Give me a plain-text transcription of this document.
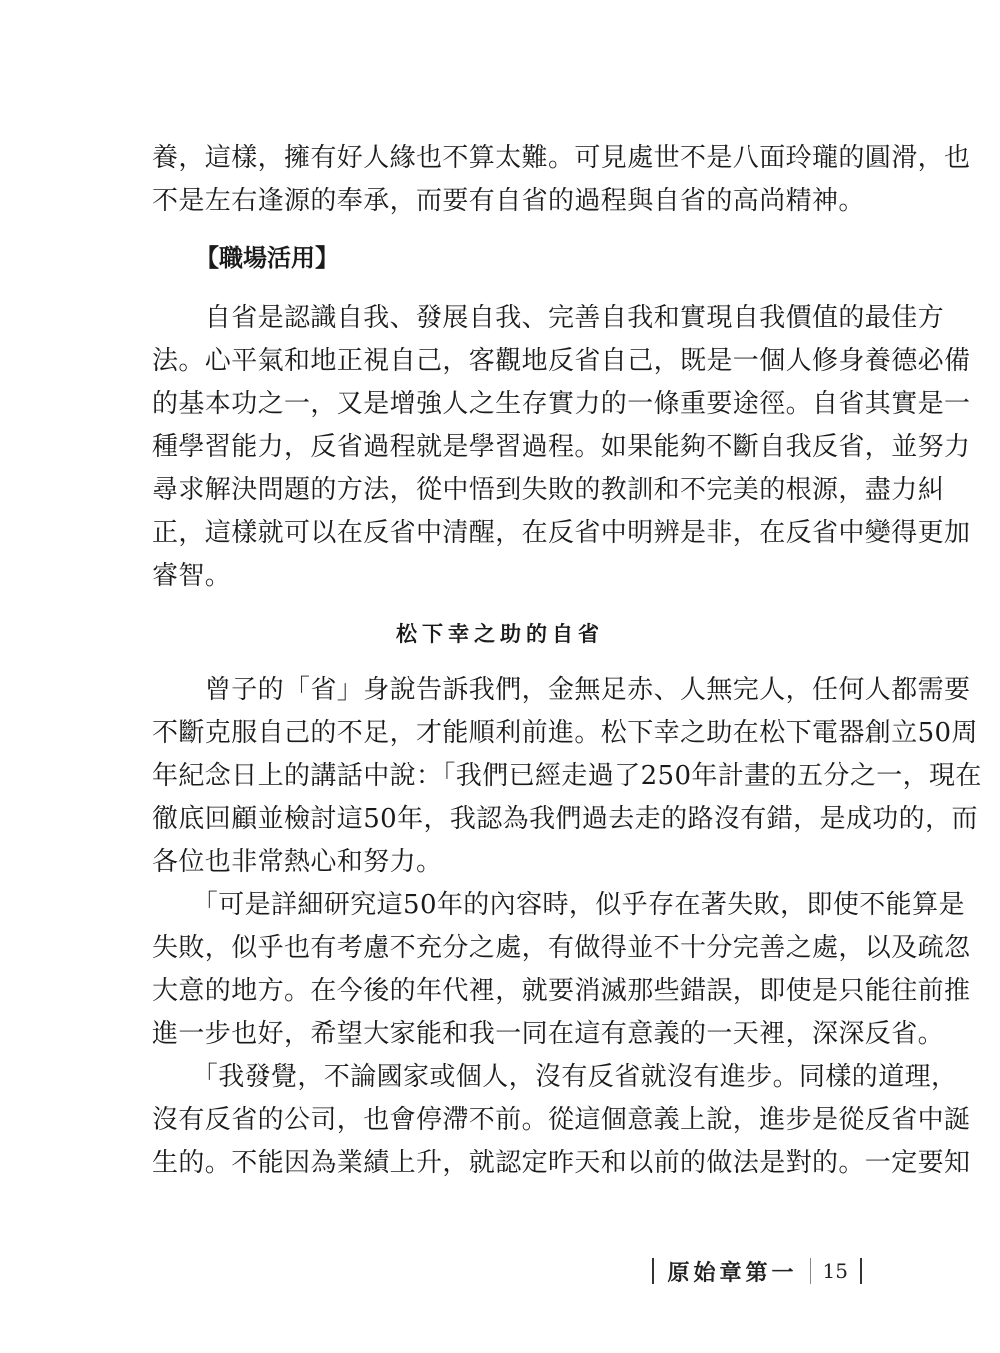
養，這樣，擁有好人緣也不算太難。可見處世不是八面玲瓏的圓滑，也
不是左右逢源的奉承，而要有自省的過程與自省的高尚精神。
【職場活用】
　　自省是認識自我、發展自我、完善自我和實現自我價值的最佳方
法。心平氣和地正視自己，客觀地反省自己，既是一個人修身養德必備
的基本功之一，又是增強人之生存實力的一條重要途徑。自省其實是一
種學習能力，反省過程就是學習過程。如果能夠不斷自我反省，並努力
尋求解決問題的方法，從中悟到失敗的教訓和不完美的根源，盡力糾
正，這樣就可以在反省中清醒，在反省中明辨是非，在反省中變得更加
睿智。
松下幸之助的自省
　　曾子的「省」身說告訴我們，金無足赤、人無完人，任何人都需要
不斷克服自己的不足，才能順利前進。松下幸之助在松下電器創立50周
年紀念日上的講話中說：「我們已經走過了250年計畫的五分之一，現在
徹底回顧並檢討這50年，我認為我們過去走的路沒有錯，是成功的，而
各位也非常熱心和努力。
　　「可是詳細研究這50年的內容時，似乎存在著失敗，即使不能算是
失敗，似乎也有考慮不充分之處，有做得並不十分完善之處，以及疏忽
大意的地方。在今後的年代裡，就要消滅那些錯誤，即使是只能往前推
進一步也好，希望大家能和我一同在這有意義的一天裡，深深反省。
　　「我發覺，不論國家或個人，沒有反省就沒有進步。同樣的道理，
沒有反省的公司，也會停滯不前。從這個意義上說，進步是從反省中誕
生的。不能因為業績上升，就認定昨天和以前的做法是對的。一定要知
原始章第一 15
